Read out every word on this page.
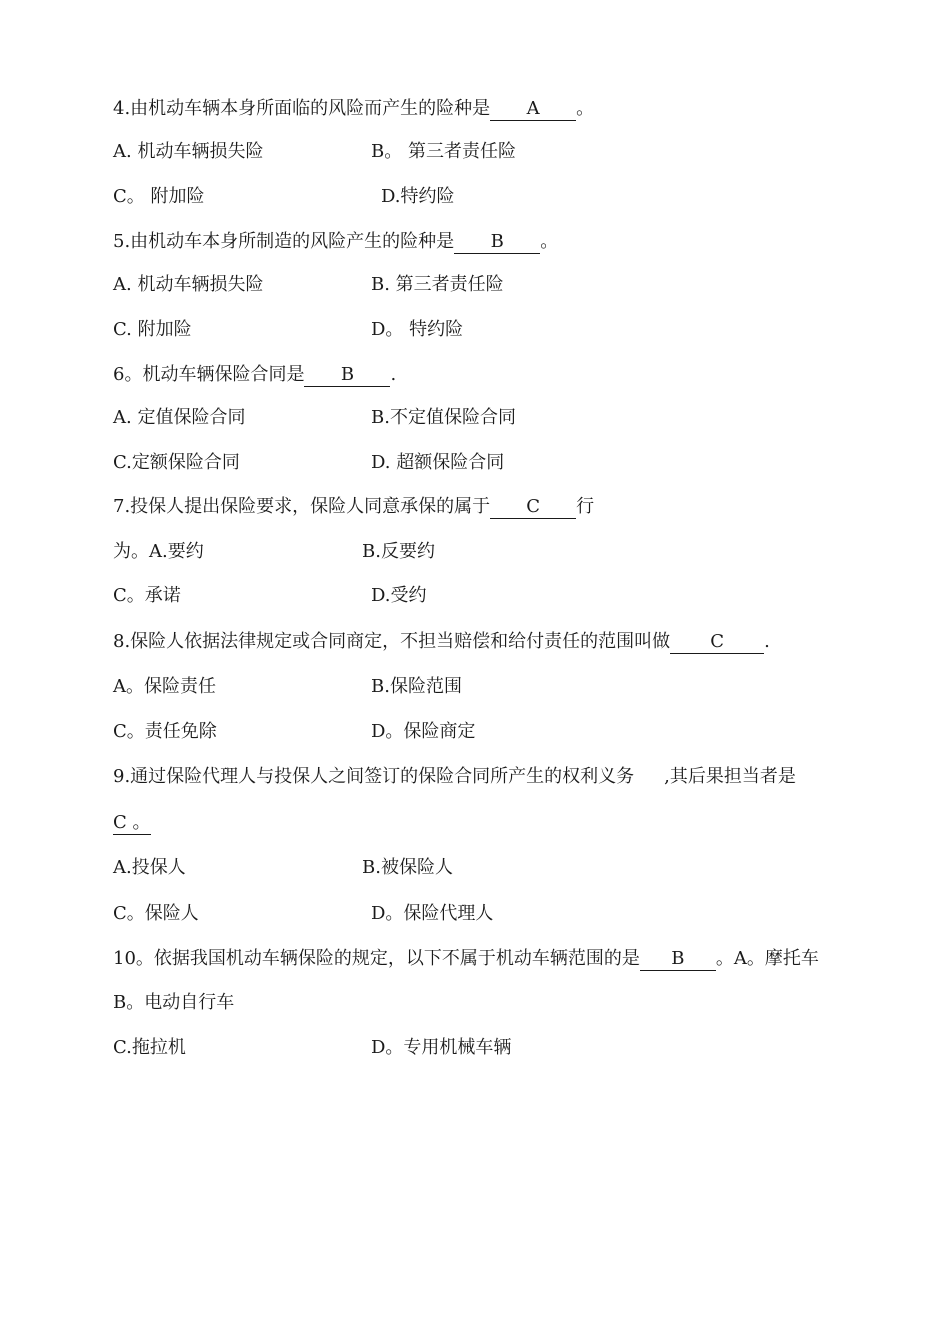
4.由机动车辆本身所面临的风险而产生的险种是 A 。
A. 机动车辆损失险	B。 第三者责任险
C。 附加险	D.特约险
5.由机动车本身所制造的风险产生的险种是 B 。
A. 机动车辆损失险	B. 第三者责任险
C. 附加险	D。 特约险
6。机动车辆保险合同是 B .
A. 定值保险合同	B.不定值保险合同
C.定额保险合同	D. 超额保险合同
7.投保人提出保险要求，保险人同意承保的属于 C 行
为。A.要约	B.反要约
C。承诺	D.受约
8.保险人依据法律规定或合同商定，不担当赔偿和给付责任的范围叫做 C .
A。保险责任	B.保险范围
C。责任免除	D。保险商定
9.通过保险代理人与投保人之间签订的保险合同所产生的权利义务 ,其后果担当者是
C 。
A.投保人	B.被保险人
C。保险人	D。保险代理人
10。依据我国机动车辆保险的规定，以下不属于机动车辆范围的是 B 。A。摩托车
B。电动自行车
C.拖拉机	D。专用机械车辆
